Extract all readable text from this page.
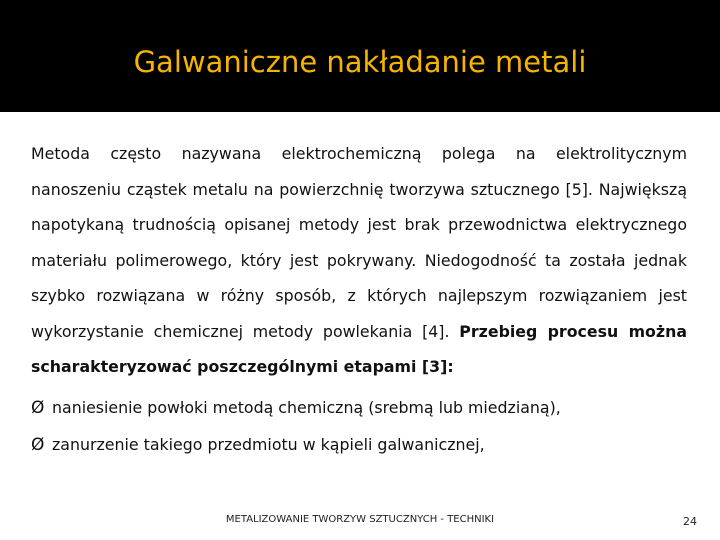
Galwaniczne nakładanie metali

Metoda często nazywana elektrochemiczną polega na elektrolitycznym nanoszeniu cząstek metalu na powierzchnię tworzywa sztucznego [5]. Największą napotykaną trudnością opisanej metody jest brak przewodnictwa elektrycznego materiału polimerowego, który jest pokrywany. Niedogodność ta została jednak szybko rozwiązana w różny sposób, z których najlepszym rozwiązaniem jest wykorzystanie chemicznej metody powlekania [4]. Przebieg procesu można scharakteryzować poszczególnymi etapami [3]:

Ø naniesienie powłoki metodą chemiczną (srebmą lub miedzianą),
Ø zanurzenie takiego przedmiotu w kąpieli galwanicznej,
METALIZOWANIE TWORZYW SZTUCZNYCH - TECHNIKI	24
